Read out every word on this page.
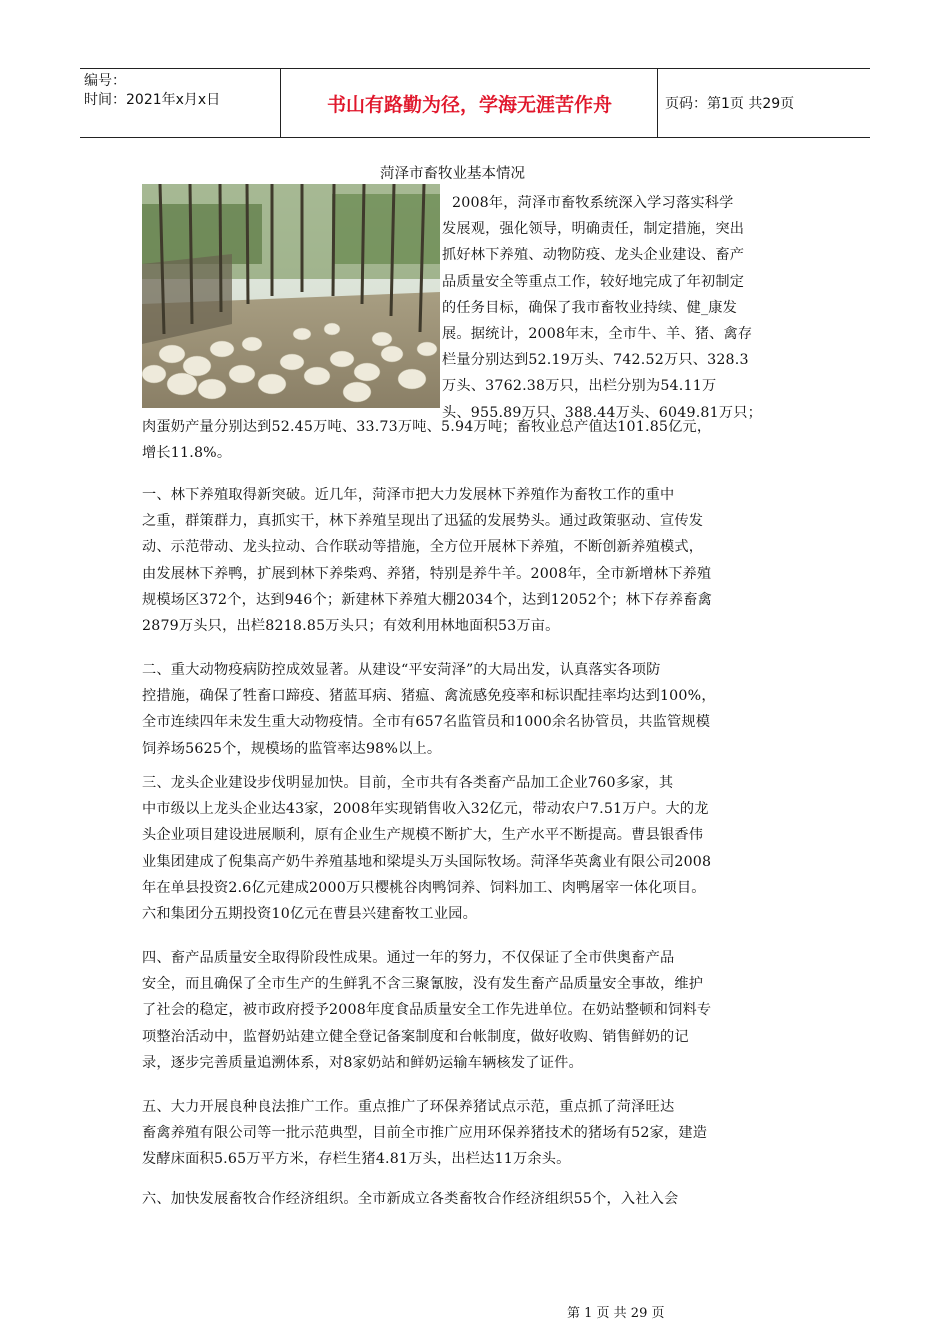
编号：
时间：2021年x月x日	书山有路勤为径，学海无涯苦作舟	页码：第1页 共29页
菏泽市畜牧业基本情况
2008年，菏泽市畜牧系统深入学习落实科学
发展观，强化领导，明确责任，制定措施，突出
抓好林下养殖、动物防疫、龙头企业建设、畜产
品质量安全等重点工作，较好地完成了年初制定
的任务目标，确保了我市畜牧业持续、健_康发
展。据统计，2008年末，全市牛、羊、猪、禽存
栏量分别达到52.19万头、742.52万只、328.3
万头、3762.38万只，出栏分别为54.11万
头、955.89万只、388.44万头、6049.81万只；
肉蛋奶产量分别达到52.45万吨、33.73万吨、5.94万吨；畜牧业总产值达101.85亿元，
增长11.8%。
一、林下养殖取得新突破。近几年，菏泽市把大力发展林下养殖作为畜牧工作的重中
之重，群策群力，真抓实干，林下养殖呈现出了迅猛的发展势头。通过政策驱动、宣传发
动、示范带动、龙头拉动、合作联动等措施，全方位开展林下养殖，不断创新养殖模式，
由发展林下养鸭，扩展到林下养柴鸡、养猪，特别是养牛羊。2008年，全市新增林下养殖
规模场区372个，达到946个；新建林下养殖大棚2034个，达到12052个；林下存养畜禽
2879万头只，出栏8218.85万头只；有效利用林地面积53万亩。
二、重大动物疫病防控成效显著。从建设“平安菏泽”的大局出发，认真落实各项防
控措施，确保了牲畜口蹄疫、猪蓝耳病、猪瘟、禽流感免疫率和标识配挂率均达到100%，
全市连续四年未发生重大动物疫情。全市有657名监管员和1000余名协管员，共监管规模
饲养场5625个，规模场的监管率达98%以上。
三、龙头企业建设步伐明显加快。目前，全市共有各类畜产品加工企业760多家，其
中市级以上龙头企业达43家，2008年实现销售收入32亿元，带动农户7.51万户。大的龙
头企业项目建设进展顺利，原有企业生产规模不断扩大，生产水平不断提高。曹县银香伟
业集团建成了倪集高产奶牛养殖基地和梁堤头万头国际牧场。菏泽华英禽业有限公司2008
年在单县投资2.6亿元建成2000万只樱桃谷肉鸭饲养、饲料加工、肉鸭屠宰一体化项目。
六和集团分五期投资10亿元在曹县兴建畜牧工业园。
四、畜产品质量安全取得阶段性成果。通过一年的努力，不仅保证了全市供奥畜产品
安全，而且确保了全市生产的生鲜乳不含三聚氰胺，没有发生畜产品质量安全事故，维护
了社会的稳定，被市政府授予2008年度食品质量安全工作先进单位。在奶站整顿和饲料专
项整治活动中，监督奶站建立健全登记备案制度和台帐制度，做好收购、销售鲜奶的记
录，逐步完善质量追溯体系，对8家奶站和鲜奶运输车辆核发了证件。
五、大力开展良种良法推广工作。重点推广了环保养猪试点示范，重点抓了菏泽旺达
畜禽养殖有限公司等一批示范典型，目前全市推广应用环保养猪技术的猪场有52家，建造
发酵床面积5.65万平方米，存栏生猪4.81万头，出栏达11万余头。
六、加快发展畜牧合作经济组织。全市新成立各类畜牧合作经济组织55个，入社入会
第 1 页 共 29 页
